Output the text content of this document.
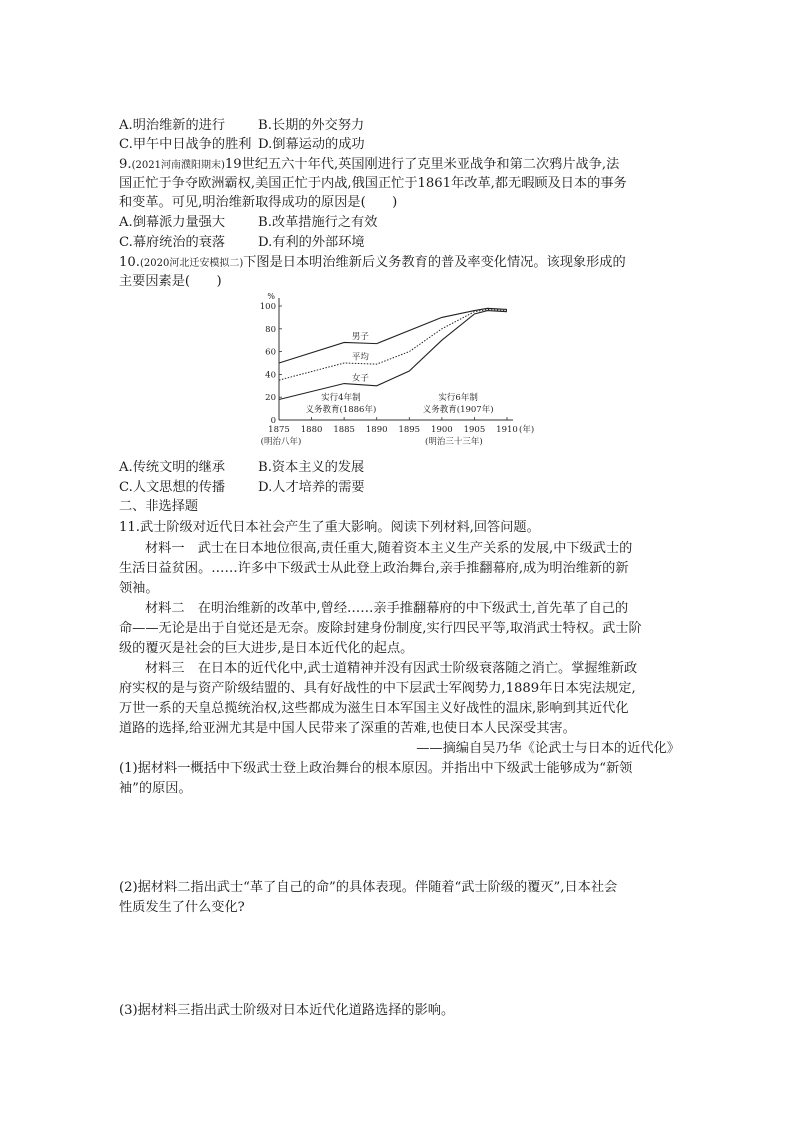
A.明治维新的进行 B.长期的外交努力
C.甲午中日战争的胜利 D.倒幕运动的成功
9.(2021河南濮阳期末)19世纪五六十年代,英国刚进行了克里米亚战争和第二次鸦片战争,法
国正忙于争夺欧洲霸权,美国正忙于内战,俄国正忙于1861年改革,都无暇顾及日本的事务
和变革。可见,明治维新取得成功的原因是(　　)
A.倒幕派力量强大 B.改革措施行之有效
C.幕府统治的衰落 D.有利的外部环境
10.(2020河北迁安模拟二)下图是日本明治维新后义务教育的普及率变化情况。该现象形成的
主要因素是(　　)
%
0
20
40
60
80
100
1875 1880 1885 1890 1895 1900 1905 1910 (年)
(明治八年)	(明治三十三年)
男子
平均
女子
实行4年制
义务教育(1886年)
实行6年制
义务教育(1907年)
A.传统文明的继承 B.资本主义的发展
C.人文思想的传播 D.人才培养的需要
二、非选择题
11.武士阶级对近代日本社会产生了重大影响。阅读下列材料,回答问题。
材料一　武士在日本地位很高,责任重大,随着资本主义生产关系的发展,中下级武士的
生活日益贫困。……许多中下级武士从此登上政治舞台,亲手推翻幕府,成为明治维新的新
领袖。
材料二　在明治维新的改革中,曾经……亲手推翻幕府的中下级武士,首先革了自己的
命——无论是出于自觉还是无奈。废除封建身份制度,实行四民平等,取消武士特权。武士阶
级的覆灭是社会的巨大进步,是日本近代化的起点。
材料三　在日本的近代化中,武士道精神并没有因武士阶级衰落随之消亡。掌握维新政
府实权的是与资产阶级结盟的、具有好战性的中下层武士军阀势力,1889年日本宪法规定,
万世一系的天皇总揽统治权,这些都成为滋生日本军国主义好战性的温床,影响到其近代化
道路的选择,给亚洲尤其是中国人民带来了深重的苦难,也使日本人民深受其害。
——摘编自吴乃华《论武士与日本的近代化》
(1)据材料一概括中下级武士登上政治舞台的根本原因。并指出中下级武士能够成为“新领
袖”的原因。
(2)据材料二指出武士“革了自己的命”的具体表现。伴随着“武士阶级的覆灭”,日本社会
性质发生了什么变化?
(3)据材料三指出武士阶级对日本近代化道路选择的影响。
